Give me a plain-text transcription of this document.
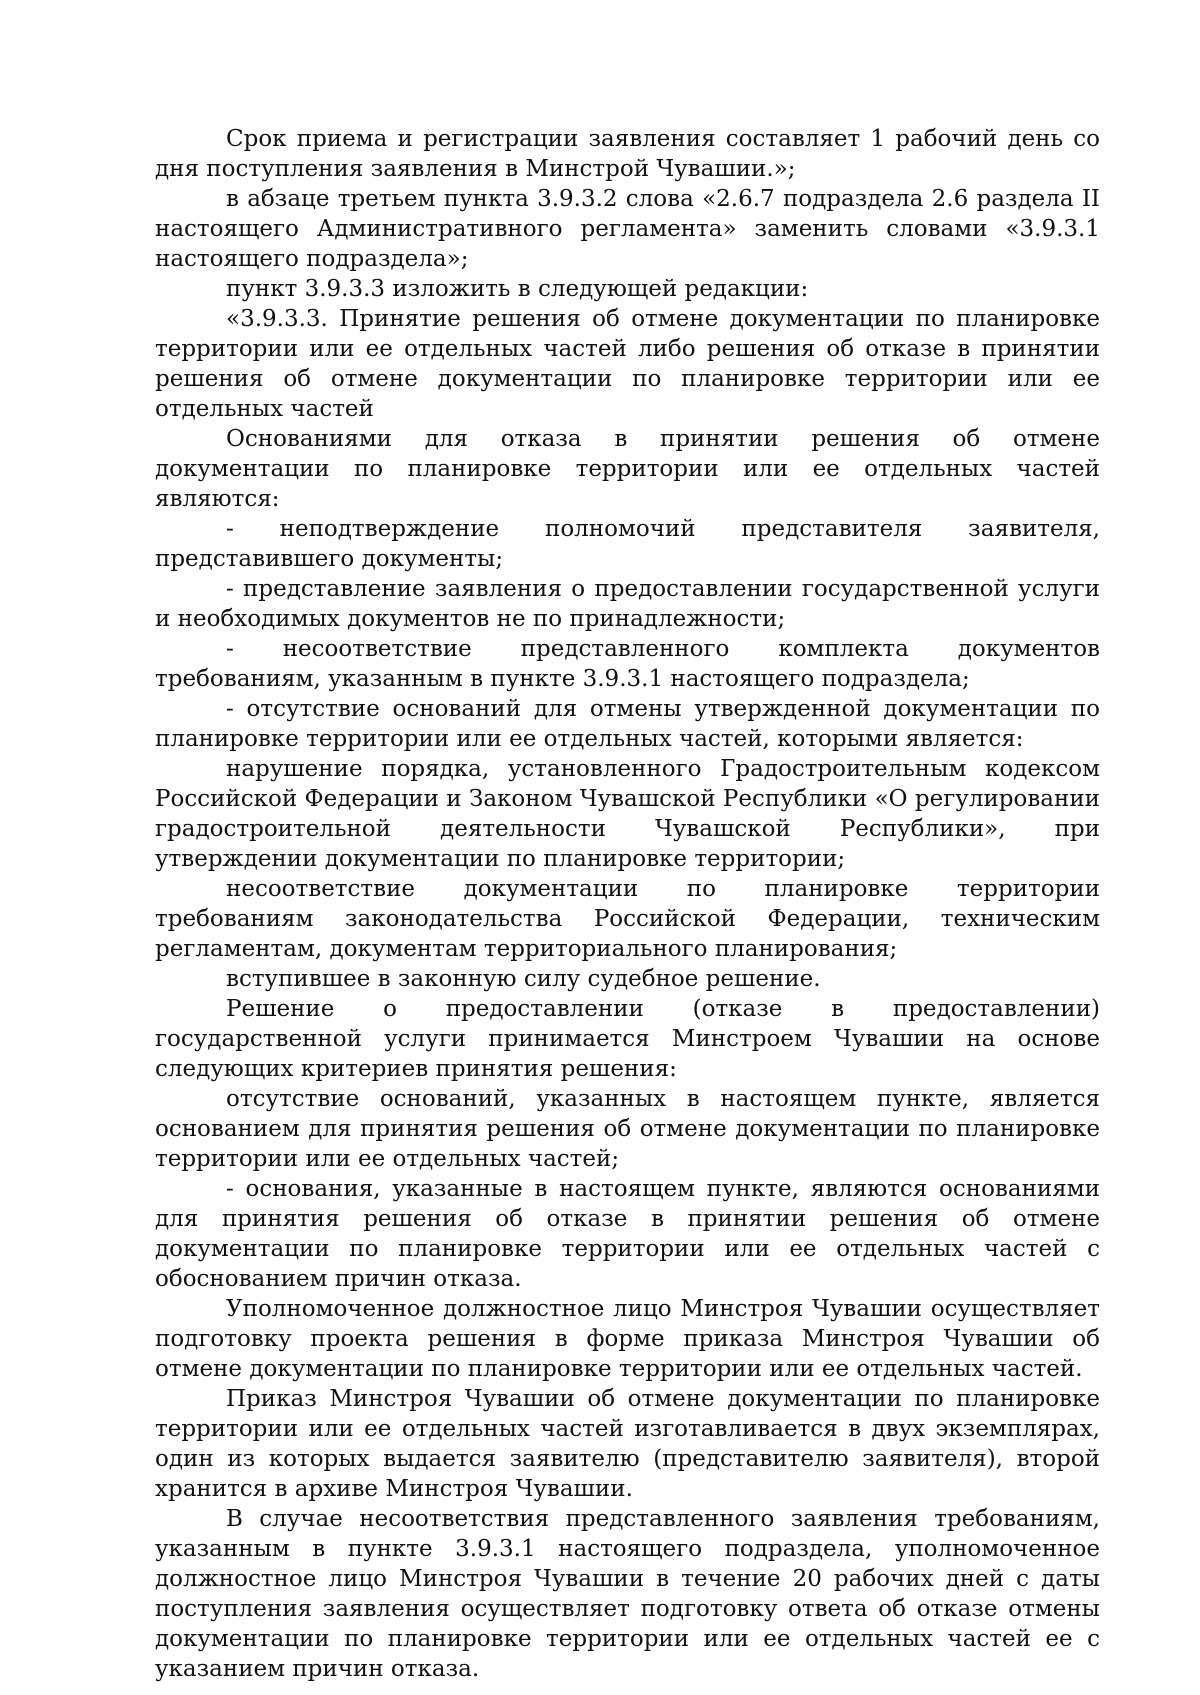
Срок приема и регистрации заявления составляет 1 рабочий день со дня поступления заявления в Минстрой Чувашии.»;

в абзаце третьем пункта 3.9.3.2 слова «2.6.7 подраздела 2.6 раздела II настоящего Административного регламента» заменить словами «3.9.3.1 настоящего подраздела»;

пункт 3.9.3.3 изложить в следующей редакции:

«3.9.3.3. Принятие решения об отмене документации по планировке территории или ее отдельных частей либо решения об отказе в принятии решения об отмене документации по планировке территории или ее отдельных частей

Основаниями для отказа в принятии решения об отмене документации по планировке территории или ее отдельных частей являются:

- неподтверждение полномочий представителя заявителя, представившего документы;

- представление заявления о предоставлении государственной услуги и необходимых документов не по принадлежности;

- несоответствие представленного комплекта документов требованиям, указанным в пункте 3.9.3.1 настоящего подраздела;

- отсутствие оснований для отмены утвержденной документации по планировке территории или ее отдельных частей, которыми является:

нарушение порядка, установленного Градостроительным кодексом Российской Федерации и Законом Чувашской Республики «О регулировании градостроительной деятельности Чувашской Республики», при утверждении документации по планировке территории;

несоответствие документации по планировке территории требованиям законодательства Российской Федерации, техническим регламентам, документам территориального планирования;

вступившее в законную силу судебное решение.

Решение о предоставлении (отказе в предоставлении) государственной услуги принимается Минстроем Чувашии на основе следующих критериев принятия решения:

отсутствие оснований, указанных в настоящем пункте, является основанием для принятия решения об отмене документации по планировке территории или ее отдельных частей;

- основания, указанные в настоящем пункте, являются основаниями для принятия решения об отказе в принятии решения об отмене документации по планировке территории или ее отдельных частей с обоснованием причин отказа.

Уполномоченное должностное лицо Минстроя Чувашии осуществляет подготовку проекта решения в форме приказа Минстроя Чувашии об отмене документации по планировке территории или ее отдельных частей.

Приказ Минстроя Чувашии об отмене документации по планировке территории или ее отдельных частей изготавливается в двух экземплярах, один из которых выдается заявителю (представителю заявителя), второй хранится в архиве Минстроя Чувашии.

В случае несоответствия представленного заявления требованиям, указанным в пункте 3.9.3.1 настоящего подраздела, уполномоченное должностное лицо Минстроя Чувашии в течение 20 рабочих дней с даты поступления заявления осуществляет подготовку ответа об отказе отмены документации по планировке территории или ее отдельных частей ее с указанием причин отказа.
